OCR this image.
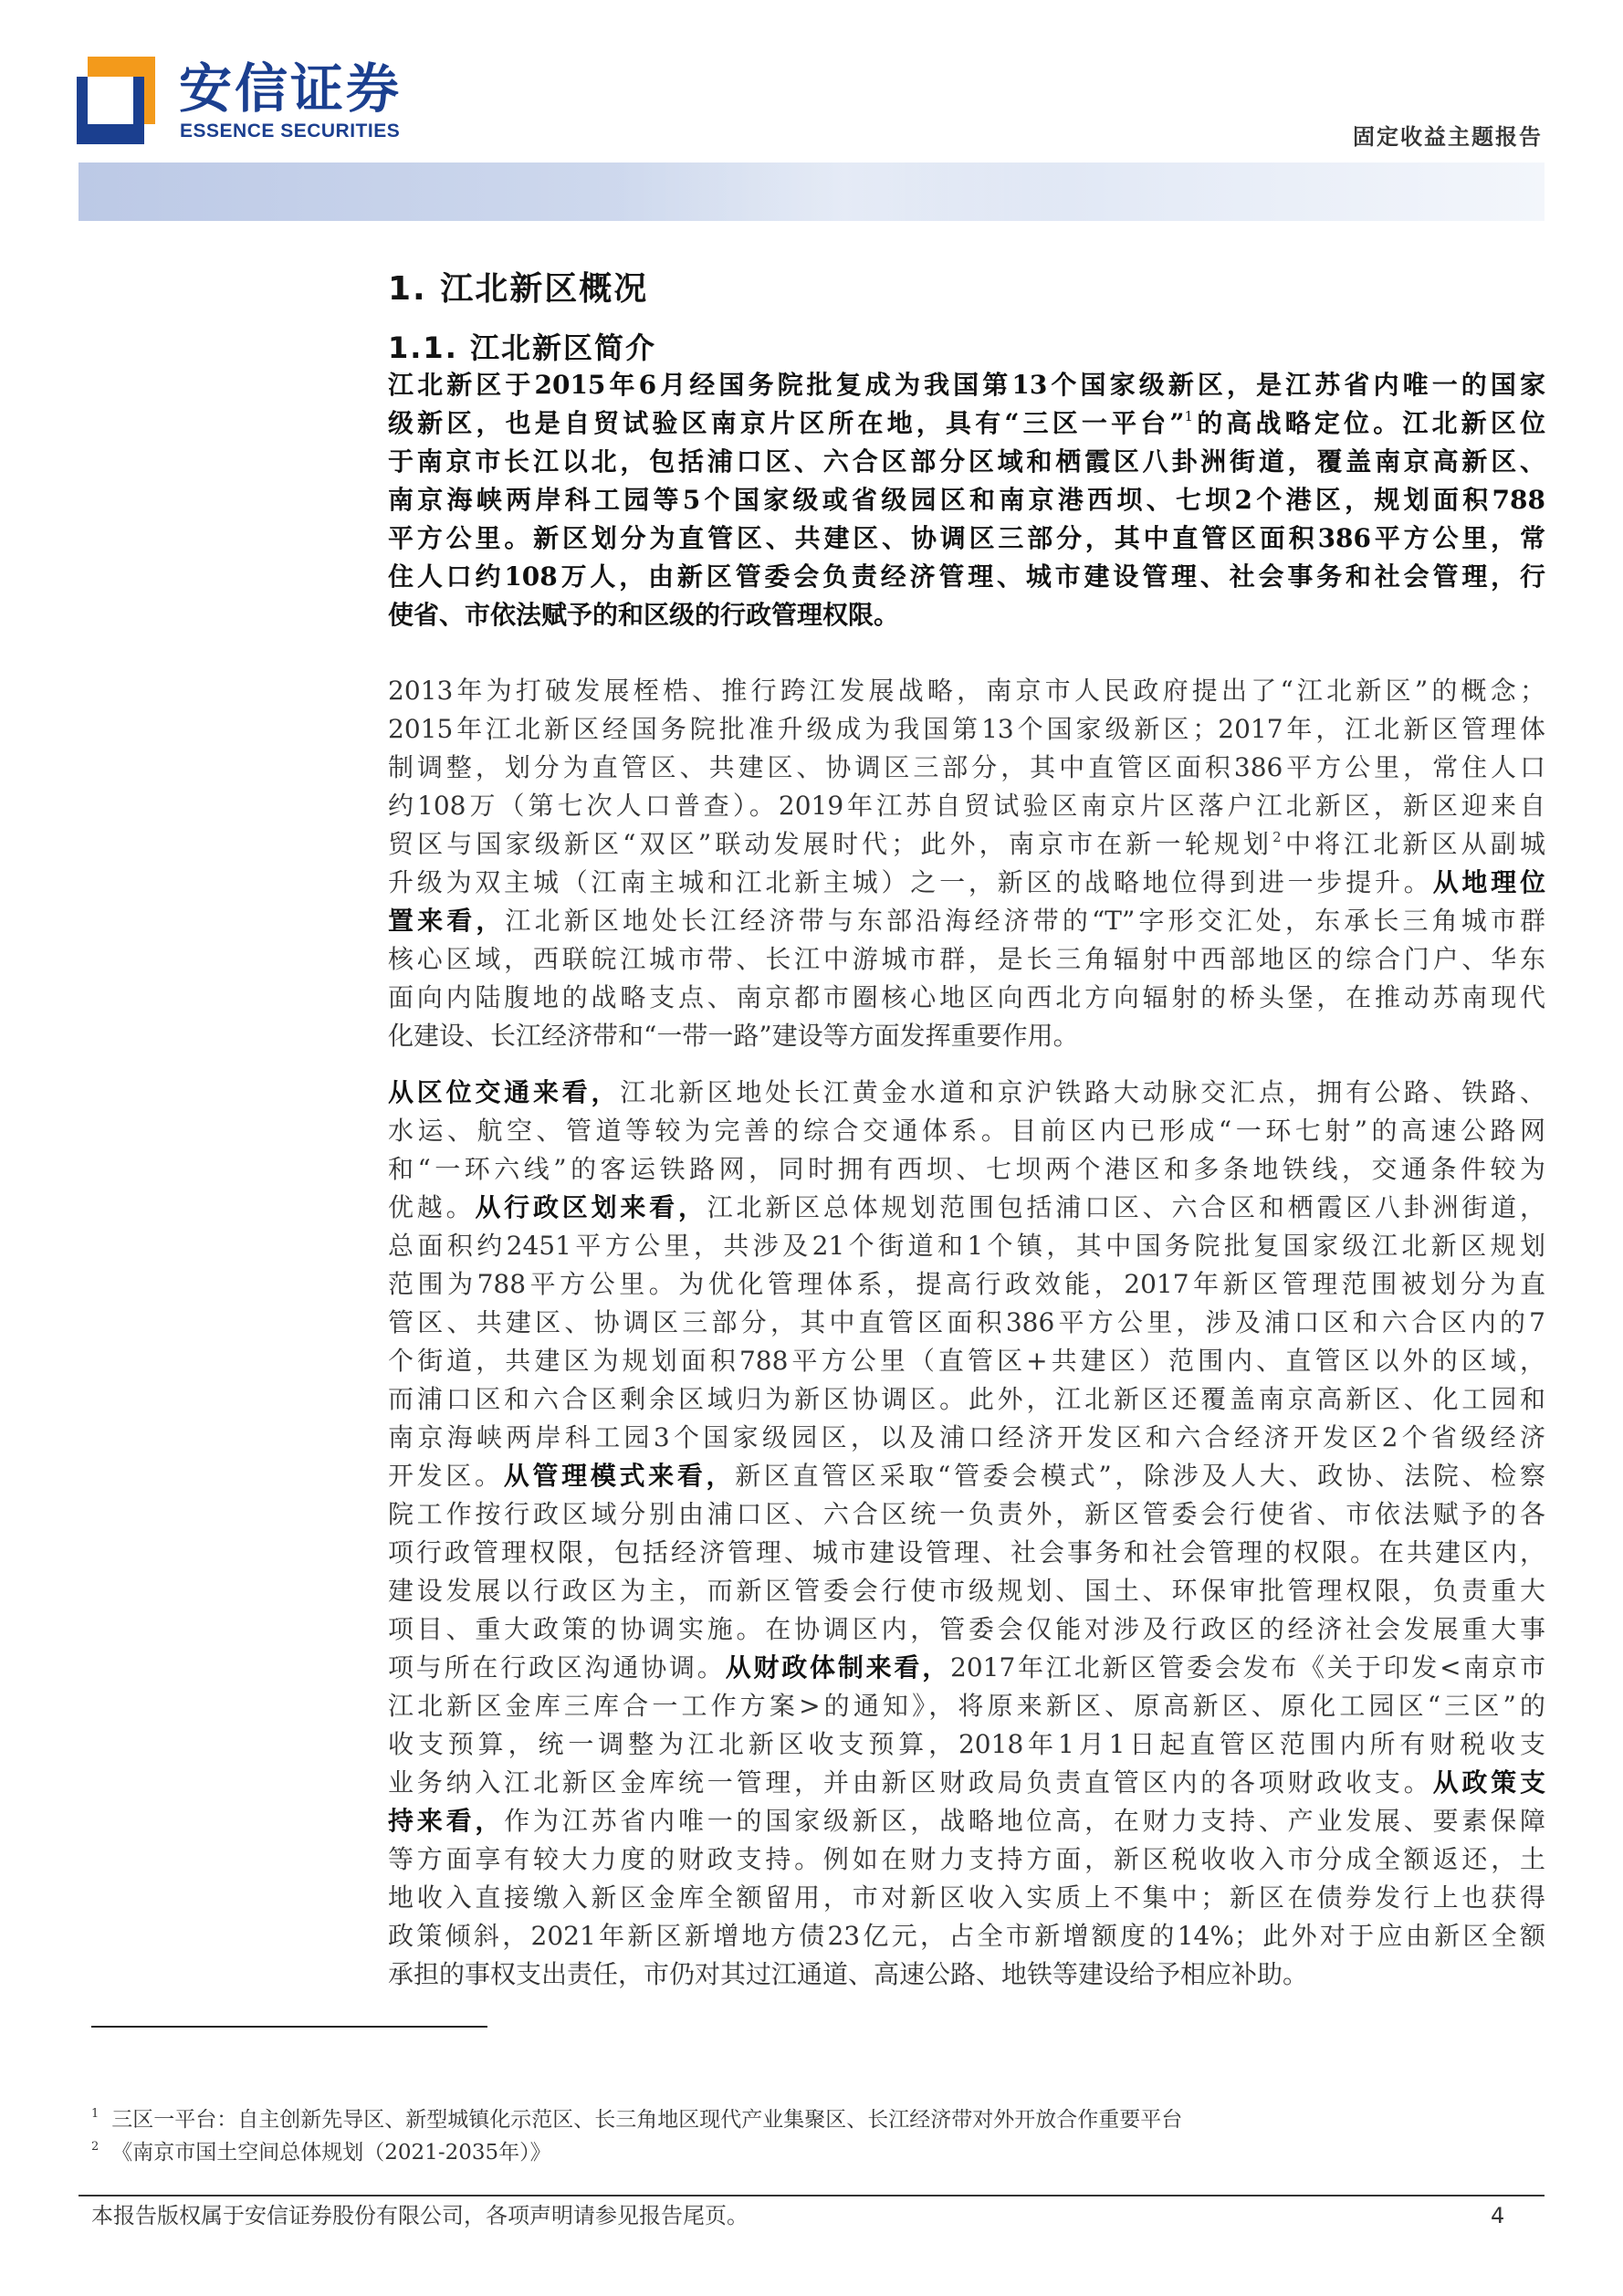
安信证券
ESSENCE SECURITIES	固定收益主题报告
1. 江北新区概况
1.1. 江北新区简介
江北新区于2015年6月经国务院批复成为我国第13个国家级新区，是江苏省内唯一的国家
级新区，也是自贸试验区南京片区所在地，具有“三区一平台”$^1$的高战略定位。江北新区位
于南京市长江以北，包括浦口区、六合区部分区域和栖霞区八卦洲街道，覆盖南京高新区、
南京海峡两岸科工园等5个国家级或省级园区和南京港西坝、七坝2个港区，规划面积788
平方公里。新区划分为直管区、共建区、协调区三部分，其中直管区面积386平方公里，常
住人口约108万人，由新区管委会负责经济管理、城市建设管理、社会事务和社会管理，行
使省、市依法赋予的和区级的行政管理权限。
2013年为打破发展桎梏、推行跨江发展战略，南京市人民政府提出了“江北新区”的概念；
2015年江北新区经国务院批准升级成为我国第13个国家级新区；2017年，江北新区管理体
制调整，划分为直管区、共建区、协调区三部分，其中直管区面积386平方公里，常住人口
约108万（第七次人口普查）。2019年江苏自贸试验区南京片区落户江北新区，新区迎来自
贸区与国家级新区“双区”联动发展时代；此外，南京市在新一轮规划$^2$中将江北新区从副城
升级为双主城（江南主城和江北新主城）之一，新区的战略地位得到进一步提升。从地理位
置来看，江北新区地处长江经济带与东部沿海经济带的“T”字形交汇处，东承长三角城市群
核心区域，西联皖江城市带、长江中游城市群，是长三角辐射中西部地区的综合门户、华东
面向内陆腹地的战略支点、南京都市圈核心地区向西北方向辐射的桥头堡，在推动苏南现代
化建设、长江经济带和“一带一路”建设等方面发挥重要作用。
从区位交通来看，江北新区地处长江黄金水道和京沪铁路大动脉交汇点，拥有公路、铁路、
水运、航空、管道等较为完善的综合交通体系。目前区内已形成“一环七射”的高速公路网
和“一环六线”的客运铁路网，同时拥有西坝、七坝两个港区和多条地铁线，交通条件较为
优越。从行政区划来看，江北新区总体规划范围包括浦口区、六合区和栖霞区八卦洲街道，
总面积约2451平方公里，共涉及21个街道和1个镇，其中国务院批复国家级江北新区规划
范围为788平方公里。为优化管理体系，提高行政效能，2017年新区管理范围被划分为直
管区、共建区、协调区三部分，其中直管区面积386平方公里，涉及浦口区和六合区内的7
个街道，共建区为规划面积788平方公里（直管区+共建区）范围内、直管区以外的区域，
而浦口区和六合区剩余区域归为新区协调区。此外，江北新区还覆盖南京高新区、化工园和
南京海峡两岸科工园3个国家级园区，以及浦口经济开发区和六合经济开发区2个省级经济
开发区。从管理模式来看，新区直管区采取“管委会模式”，除涉及人大、政协、法院、检察
院工作按行政区域分别由浦口区、六合区统一负责外，新区管委会行使省、市依法赋予的各
项行政管理权限，包括经济管理、城市建设管理、社会事务和社会管理的权限。在共建区内，
建设发展以行政区为主，而新区管委会行使市级规划、国土、环保审批管理权限，负责重大
项目、重大政策的协调实施。在协调区内，管委会仅能对涉及行政区的经济社会发展重大事
项与所在行政区沟通协调。从财政体制来看，2017年江北新区管委会发布《关于印发<南京市
江北新区金库三库合一工作方案>的通知》，将原来新区、原高新区、原化工园区“三区”的
收支预算，统一调整为江北新区收支预算，2018年1月1日起直管区范围内所有财税收支
业务纳入江北新区金库统一管理，并由新区财政局负责直管区内的各项财政收支。从政策支
持来看，作为江苏省内唯一的国家级新区，战略地位高，在财力支持、产业发展、要素保障
等方面享有较大力度的财政支持。例如在财力支持方面，新区税收收入市分成全额返还，土
地收入直接缴入新区金库全额留用，市对新区收入实质上不集中；新区在债券发行上也获得
政策倾斜，2021年新区新增地方债23亿元，占全市新增额度的14%；此外对于应由新区全额
承担的事权支出责任，市仍对其过江通道、高速公路、地铁等建设给予相应补助。
$^1$ 三区一平台：自主创新先导区、新型城镇化示范区、长三角地区现代产业集聚区、长江经济带对外开放合作重要平台
$^2$ 《南京市国土空间总体规划（2021-2035年）》
本报告版权属于安信证券股份有限公司，各项声明请参见报告尾页。	4
